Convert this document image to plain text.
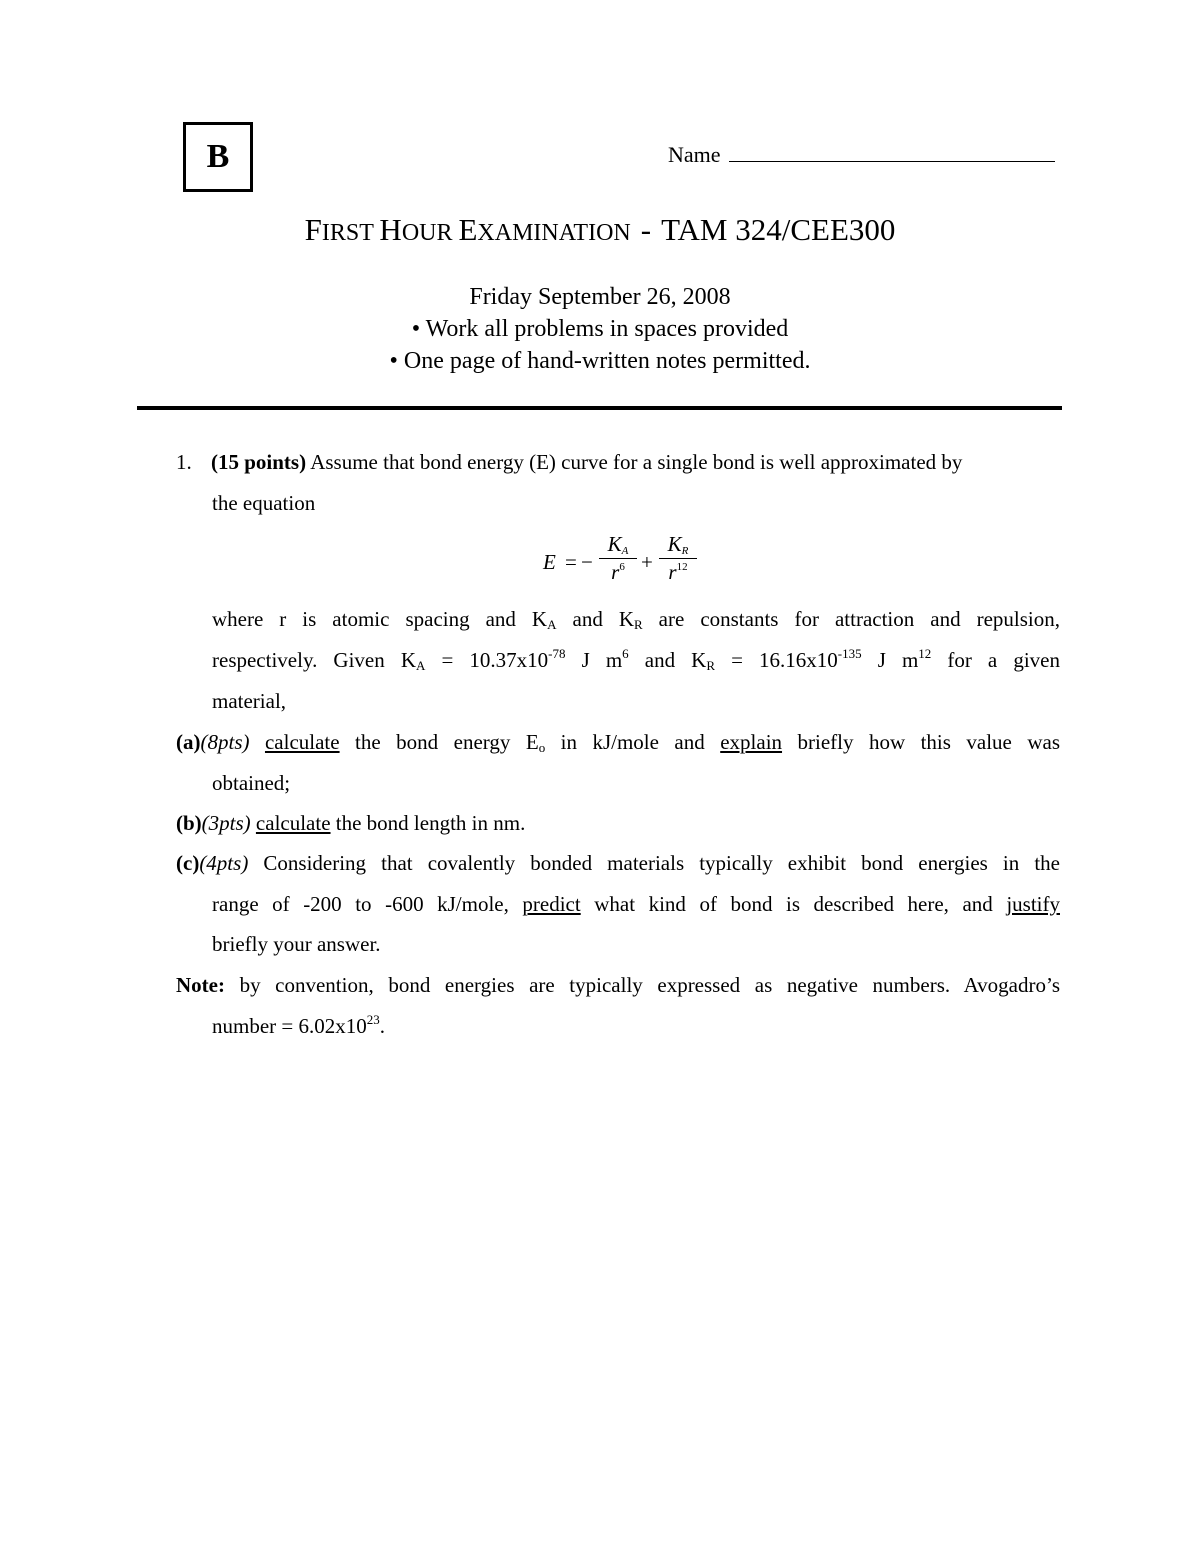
B	Name
FIRST HOUR EXAMINATION - TAM 324/CEE300
Friday September 26, 2008
• Work all problems in spaces provided
• One page of hand-written notes permitted.
1. (15 points) Assume that bond energy (E) curve for a single bond is well approximated by
the equation
E = −
$K_A$
$r^6$ +
$K_R$
$r^{12}$
where r is atomic spacing and $K_A$ and $K_R$ are constants for attraction and repulsion,
respectively. Given $K_A = 10.37x10^{-78}$ J $m^6$ and $K_R = 16.16x10^{-135}$ J $m^{12}$ for a given
material,
(a)(8pts) calculate the bond energy $E_o$ in kJ/mole and explain briefly how this value was
obtained;
(b)(3pts) calculate the bond length in nm.
(c)(4pts) Considering that covalently bonded materials typically exhibit bond energies in the
range of -200 to -600 kJ/mole, predict what kind of bond is described here, and justify
briefly your answer.
Note: by convention, bond energies are typically expressed as negative numbers. Avogadro’s
number = $6.02x10^{23}$.
